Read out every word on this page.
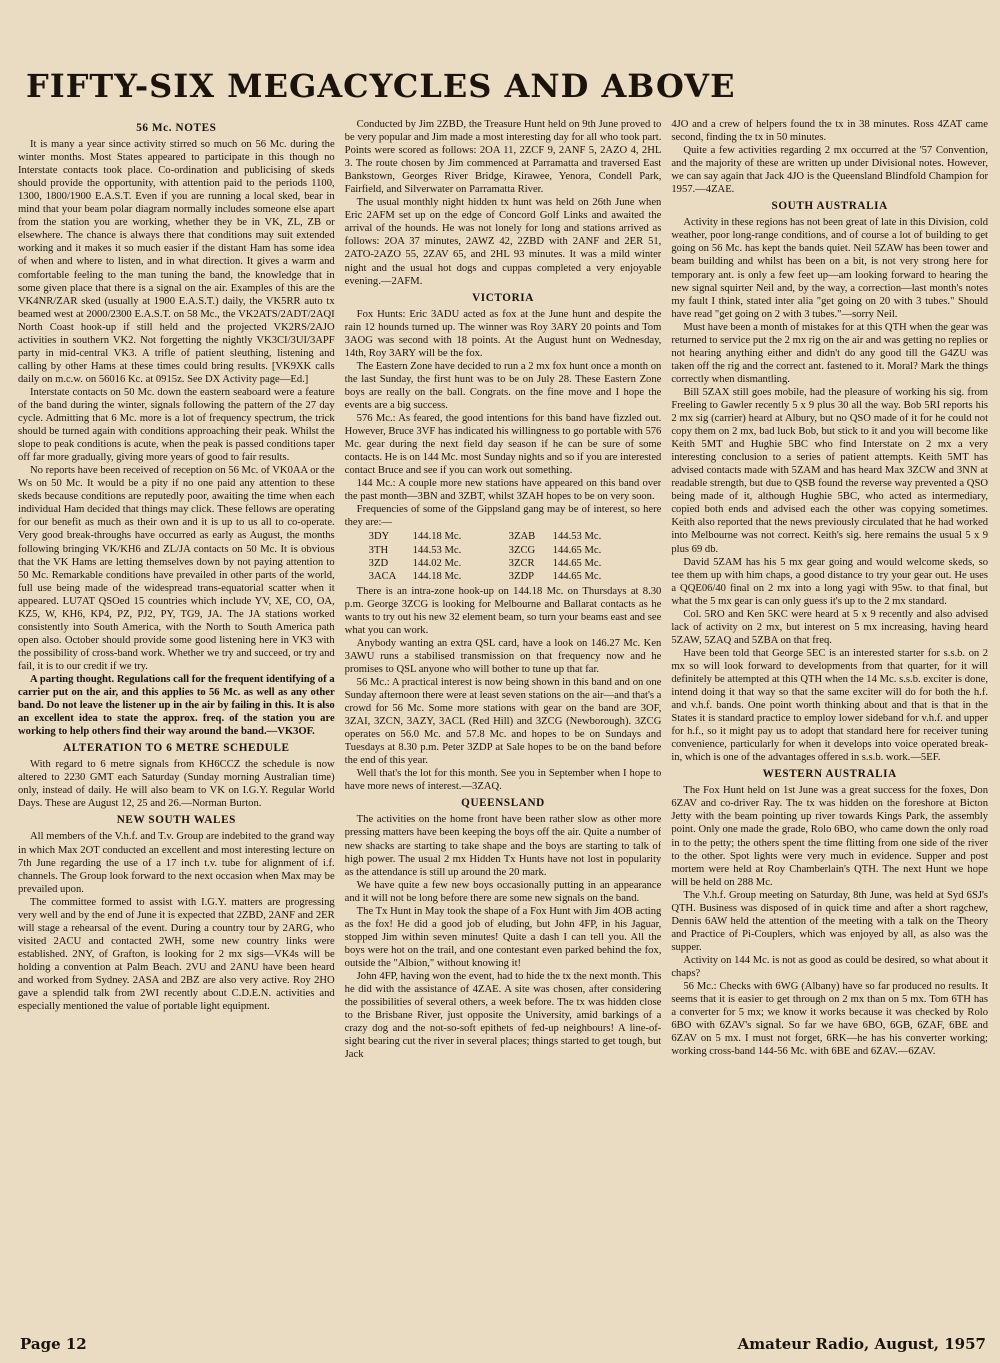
FIFTY-SIX MEGACYCLES AND ABOVE
56 Mc. NOTES

It is many a year since activity stirred so much on 56 Mc. during the winter months. Most States appeared to participate in this though no Interstate contacts took place. Co-ordination and publicising of skeds should provide the opportunity, with attention paid to the periods 1100, 1300, 1800/1900 E.A.S.T. Even if you are running a local sked, bear in mind that your beam polar diagram normally includes someone else apart from the station you are working, whether they be in VK, ZL, ZB or elsewhere. The chance is always there that conditions may suit extended working and it makes it so much easier if the distant Ham has some idea of when and where to listen, and in what direction. It gives a warm and comfortable feeling to the man tuning the band, the knowledge that in some given place that there is a signal on the air. Examples of this are the VK4NR/ZAR sked (usually at 1900 E.A.S.T.) daily, the VK5RR auto tx beamed west at 2000/2300 E.A.S.T. on 58 Mc., the VK2ATS/2ADT/2AQI North Coast hook-up if still held and the projected VK2RS/2AJO activities in southern VK2. Not forgetting the nightly VK3CI/3UI/3APF party in mid-central VK3. A trifle of patient sleuthing, listening and calling by other Hams at these times could bring results. [VK9XK calls daily on m.c.w. on 56016 Kc. at 0915z. See DX Activity page—Ed.]

Interstate contacts on 50 Mc. down the eastern seaboard were a feature of the band during the winter, signals following the pattern of the 27 day cycle. Admitting that 6 Mc. more is a lot of frequency spectrum, the trick should be turned again with conditions approaching their peak. Whilst the slope to peak conditions is acute, when the peak is passed conditions taper off far more gradually, giving more years of good to fair results.

No reports have been received of reception on 56 Mc. of VK0AA or the Ws on 50 Mc. It would be a pity if no one paid any attention to these skeds because conditions are reputedly poor, awaiting the time when each individual Ham decided that things may click. These fellows are operating for our benefit as much as their own and it is up to us all to co-operate. Very good break-throughs have occurred as early as August, the months following bringing VK/KH6 and ZL/JA contacts on 50 Mc. It is obvious that the VK Hams are letting themselves down by not paying attention to 50 Mc. Remarkable conditions have prevailed in other parts of the world, full use being made of the widespread trans-equatorial scatter when it appeared. LU7AT QSOed 15 countries which include YV, XE, CO, OA, KZ5, W, KH6, KP4, PZ, PJ2, PY, TG9, JA. The JA stations worked consistently into South America, with the North to South America path open also. October should provide some good listening here in VK3 with the possibility of cross-band work. Whether we try and succeed, or try and fail, it is to our credit if we try.

A parting thought. Regulations call for the frequent identifying of a carrier put on the air, and this applies to 56 Mc. as well as any other band. Do not leave the listener up in the air by failing in this. It is also an excellent idea to state the approx. freq. of the station you are working to help others find their way around the band.—VK3OF.

ALTERATION TO 6 METRE SCHEDULE

With regard to 6 metre signals from KH6CCZ the schedule is now altered to 2230 GMT each Saturday (Sunday morning Australian time) only, instead of daily. He will also beam to VK on I.G.Y. Regular World Days. These are August 12, 25 and 26.—Norman Burton.

NEW SOUTH WALES

All members of the V.h.f. and T.v. Group are indebited to the grand way in which Max 2OT conducted an excellent and most interesting lecture on 7th June regarding the use of a 17 inch t.v. tube for alignment of i.f. channels. The Group look forward to the next occasion when Max may be prevailed upon.

The committee formed to assist with I.G.Y. matters are progressing very well and by the end of June it is expected that 2ZBD, 2ANF and 2ER will stage a rehearsal of the event. During a country tour by 2ARG, who visited 2ACU and contacted 2WH, some new country links were established. 2NY, of Grafton, is looking for 2 mx sigs—VK4s will be holding a convention at Palm Beach. 2VU and 2ANU have been heard and worked from Sydney. 2ASA and 2BZ are also very active. Roy 2HO gave a splendid talk from 2WI recently about C.D.E.N. activities and especially mentioned the value of portable light equipment.

Conducted by Jim 2ZBD, the Treasure Hunt held on 9th June proved to be very popular and Jim made a most interesting day for all who took part. Points were scored as follows: 2OA 11, 2ZCF 9, 2ANF 5, 2AZO 4, 2HL 3. The route chosen by Jim commenced at Parramatta and traversed East Bankstown, Georges River Bridge, Kirawee, Yenora, Condell Park, Fairfield, and Silverwater on Parramatta River.

The usual monthly night hidden tx hunt was held on 26th June when Eric 2AFM set up on the edge of Concord Golf Links and awaited the arrival of the hounds. He was not lonely for long and stations arrived as follows: 2OA 37 minutes, 2AWZ 42, 2ZBD with 2ANF and 2ER 51, 2ATO-2AZO 55, 2ZAV 65, and 2HL 93 minutes. It was a mild winter night and the usual hot dogs and cuppas completed a very enjoyable evening.—2AFM.

VICTORIA

Fox Hunts: Eric 3ADU acted as fox at the June hunt and despite the rain 12 hounds turned up. The winner was Roy 3ARY 20 points and Tom 3AOG was second with 18 points. At the August hunt on Wednesday, 14th, Roy 3ARY will be the fox.

The Eastern Zone have decided to run a 2 mx fox hunt once a month on the last Sunday, the first hunt was to be on July 28. These Eastern Zone boys are really on the ball. Congrats. on the fine move and I hope the events are a big success.

576 Mc.: As feared, the good intentions for this band have fizzled out. However, Bruce 3VF has indicated his willingness to go portable with 576 Mc. gear during the next field day season if he can be sure of some contacts. He is on 144 Mc. most Sunday nights and so if you are interested contact Bruce and see if you can work out something.

144 Mc.: A couple more new stations have appeared on this band over the past month—3BN and 3ZBT, whilst 3ZAH hopes to be on very soon.

Frequencies of some of the Gippsland gang may be of interest, so here they are:—

3DY	144.18 Mc.	3ZAB	144.53 Mc.
3TH	144.53 Mc.	3ZCG	144.65 Mc.
3ZD	144.02 Mc.	3ZCR	144.65 Mc.
3ACA	144.18 Mc.	3ZDP	144.65 Mc.

There is an intra-zone hook-up on 144.18 Mc. on Thursdays at 8.30 p.m. George 3ZCG is looking for Melbourne and Ballarat contacts as he wants to try out his new 32 element beam, so turn your beams east and see what you can work.

Anybody wanting an extra QSL card, have a look on 146.27 Mc. Ken 3AWU runs a stabilised transmission on that frequency now and he promises to QSL anyone who will bother to tune up that far.

56 Mc.: A practical interest is now being shown in this band and on one Sunday afternoon there were at least seven stations on the air—and that's a crowd for 56 Mc. Some more stations with gear on the band are 3OF, 3ZAI, 3ZCN, 3AZY, 3ACL (Red Hill) and 3ZCG (Newborough). 3ZCG operates on 56.0 Mc. and 57.8 Mc. and hopes to be on Sundays and Tuesdays at 8.30 p.m. Peter 3ZDP at Sale hopes to be on the band before the end of this year.

Well that's the lot for this month. See you in September when I hope to have more news of interest.—3ZAQ.

QUEENSLAND

The activities on the home front have been rather slow as other more pressing matters have been keeping the boys off the air. Quite a number of new shacks are starting to take shape and the boys are starting to talk of high power. The usual 2 mx Hidden Tx Hunts have not lost in popularity as the attendance is still up around the 20 mark.

We have quite a few new boys occasionally putting in an appearance and it will not be long before there are some new signals on the band.

The Tx Hunt in May took the shape of a Fox Hunt with Jim 4OB acting as the fox! He did a good job of eluding, but John 4FP, in his Jaguar, stopped Jim within seven minutes! Quite a dash I can tell you. All the boys were hot on the trail, and one contestant even parked behind the fox, outside the "Albion," without knowing it!

John 4FP, having won the event, had to hide the tx the next month. This he did with the assistance of 4ZAE. A site was chosen, after considering the possibilities of several others, a week before. The tx was hidden close to the Brisbane River, just opposite the University, amid barkings of a crazy dog and the not-so-soft epithets of fed-up neighbours! A line-of-sight bearing cut the river in several places; things started to get tough, but Jack

4JO and a crew of helpers found the tx in 38 minutes. Ross 4ZAT came second, finding the tx in 50 minutes.

Quite a few activities regarding 2 mx occurred at the '57 Convention, and the majority of these are written up under Divisional notes. However, we can say again that Jack 4JO is the Queensland Blindfold Champion for 1957.—4ZAE.

SOUTH AUSTRALIA

Activity in these regions has not been great of late in this Division, cold weather, poor long-range conditions, and of course a lot of building to get going on 56 Mc. has kept the bands quiet. Neil 5ZAW has been tower and beam building and whilst has been on a bit, is not very strong here for temporary ant. is only a few feet up—am looking forward to hearing the new signal squirter Neil and, by the way, a correction—last month's notes my fault I think, stated inter alia "get going on 20 with 3 tubes." Should have read "get going on 2 with 3 tubes."—sorry Neil.

Must have been a month of mistakes for at this QTH when the gear was returned to service put the 2 mx rig on the air and was getting no replies or not hearing anything either and didn't do any good till the G4ZU was taken off the rig and the correct ant. fastened to it. Moral? Mark the things correctly when dismantling.

Bill 5ZAX still goes mobile, had the pleasure of working his sig. from Freeling to Gawler recently 5 x 9 plus 30 all the way. Bob 5RI reports his 2 mx sig (carrier) heard at Albury, but no QSO made of it for he could not copy them on 2 mx, bad luck Bob, but stick to it and you will become like Keith 5MT and Hughie 5BC who find Interstate on 2 mx a very interesting conclusion to a series of patient attempts. Keith 5MT has advised contacts made with 5ZAM and has heard Max 3ZCW and 3NN at readable strength, but due to QSB found the reverse way prevented a QSO being made of it, although Hughie 5BC, who acted as intermediary, copied both ends and advised each the other was copying sometimes. Keith also reported that the news previously circulated that he had worked into Melbourne was not correct. Keith's sig. here remains the usual 5 x 9 plus 69 db.

David 5ZAM has his 5 mx gear going and would welcome skeds, so tee them up with him chaps, a good distance to try your gear out. He uses a QQE06/40 final on 2 mx into a long yagi with 95w. to that final, but what the 5 mx gear is can only guess it's up to the 2 mx standard.

Col. 5RO and Ken 5KC were heard at 5 x 9 recently and also advised lack of activity on 2 mx, but interest on 5 mx increasing, having heard 5ZAW, 5ZAQ and 5ZBA on that freq.

Have been told that George 5EC is an interested starter for s.s.b. on 2 mx so will look forward to developments from that quarter, for it will definitely be attempted at this QTH when the 14 Mc. s.s.b. exciter is done, intend doing it that way so that the same exciter will do for both the h.f. and v.h.f. bands. One point worth thinking about and that is that in the States it is standard practice to employ lower sideband for v.h.f. and upper for h.f., so it might pay us to adopt that standard here for receiver tuning convenience, particularly for when it develops into voice operated break-in, which is one of the advantages offered in s.s.b. work.—5EF.

WESTERN AUSTRALIA

The Fox Hunt held on 1st June was a great success for the foxes, Don 6ZAV and co-driver Ray. The tx was hidden on the foreshore at Bicton Jetty with the beam pointing up river towards Kings Park, the assembly point. Only one made the grade, Rolo 6BO, who came down the only road in to the petty; the others spent the time flitting from one side of the river to the other. Spot lights were very much in evidence. Supper and post mortem were held at Roy Chamberlain's QTH. The next Hunt we hope will be held on 288 Mc.

The V.h.f. Group meeting on Saturday, 8th June, was held at Syd 6SJ's QTH. Business was disposed of in quick time and after a short ragchew, Dennis 6AW held the attention of the meeting with a talk on the Theory and Practice of Pi-Couplers, which was enjoyed by all, as also was the supper.

Activity on 144 Mc. is not as good as could be desired, so what about it chaps?

56 Mc.: Checks with 6WG (Albany) have so far produced no results. It seems that it is easier to get through on 2 mx than on 5 mx. Tom 6TH has a converter for 5 mx; we know it works because it was checked by Rolo 6BO with 6ZAV's signal. So far we have 6BO, 6GB, 6ZAF, 6BE and 6ZAV on 5 mx. I must not forget, 6RK—he has his converter working; working cross-band 144-56 Mc. with 6BE and 6ZAV.—6ZAV.

Page 12	Amateur Radio, August, 1957
